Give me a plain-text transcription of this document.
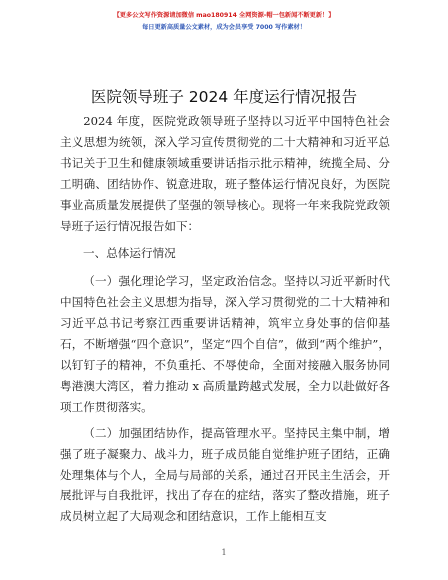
【更多公文写作资源请加微信 mao180914 全网资源-帽一包新闻不断更新！】
每日更新高质量公文素材，成为会员享受 7000 写作素材！
医院领导班子 2024 年度运行情况报告

2024 年度，医院党政领导班子坚持以习近平中国特色社会主义思想为统领，深入学习宣传贯彻党的二十大精神和习近平总书记关于卫生和健康领域重要讲话指示批示精神，统揽全局、分工明确、团结协作、锐意进取，班子整体运行情况良好，为医院事业高质量发展提供了坚强的领导核心。现将一年来我院党政领导班子运行情况报告如下：

一、总体运行情况

（一）强化理论学习，坚定政治信念。坚持以习近平新时代中国特色社会主义思想为指导，深入学习贯彻党的二十大精神和习近平总书记考察江西重要讲话精神，筑牢立身处事的信仰基石，不断增强“四个意识”，坚定“四个自信”，做到“两个维护”，以钉钉子的精神，不负重托、不辱使命，全面对接融入服务协同粤港澳大湾区，着力推动 x 高质量跨越式发展，全力以赴做好各项工作贯彻落实。

（二）加强团结协作，提高管理水平。坚持民主集中制，增强了班子凝聚力、战斗力，班子成员能自觉维护班子团结，正确处理集体与个人，全局与局部的关系，通过召开民主生活会，开展批评与自我批评，找出了存在的症结，落实了整改措施，班子成员树立起了大局观念和团结意识，工作上能相互支

1
